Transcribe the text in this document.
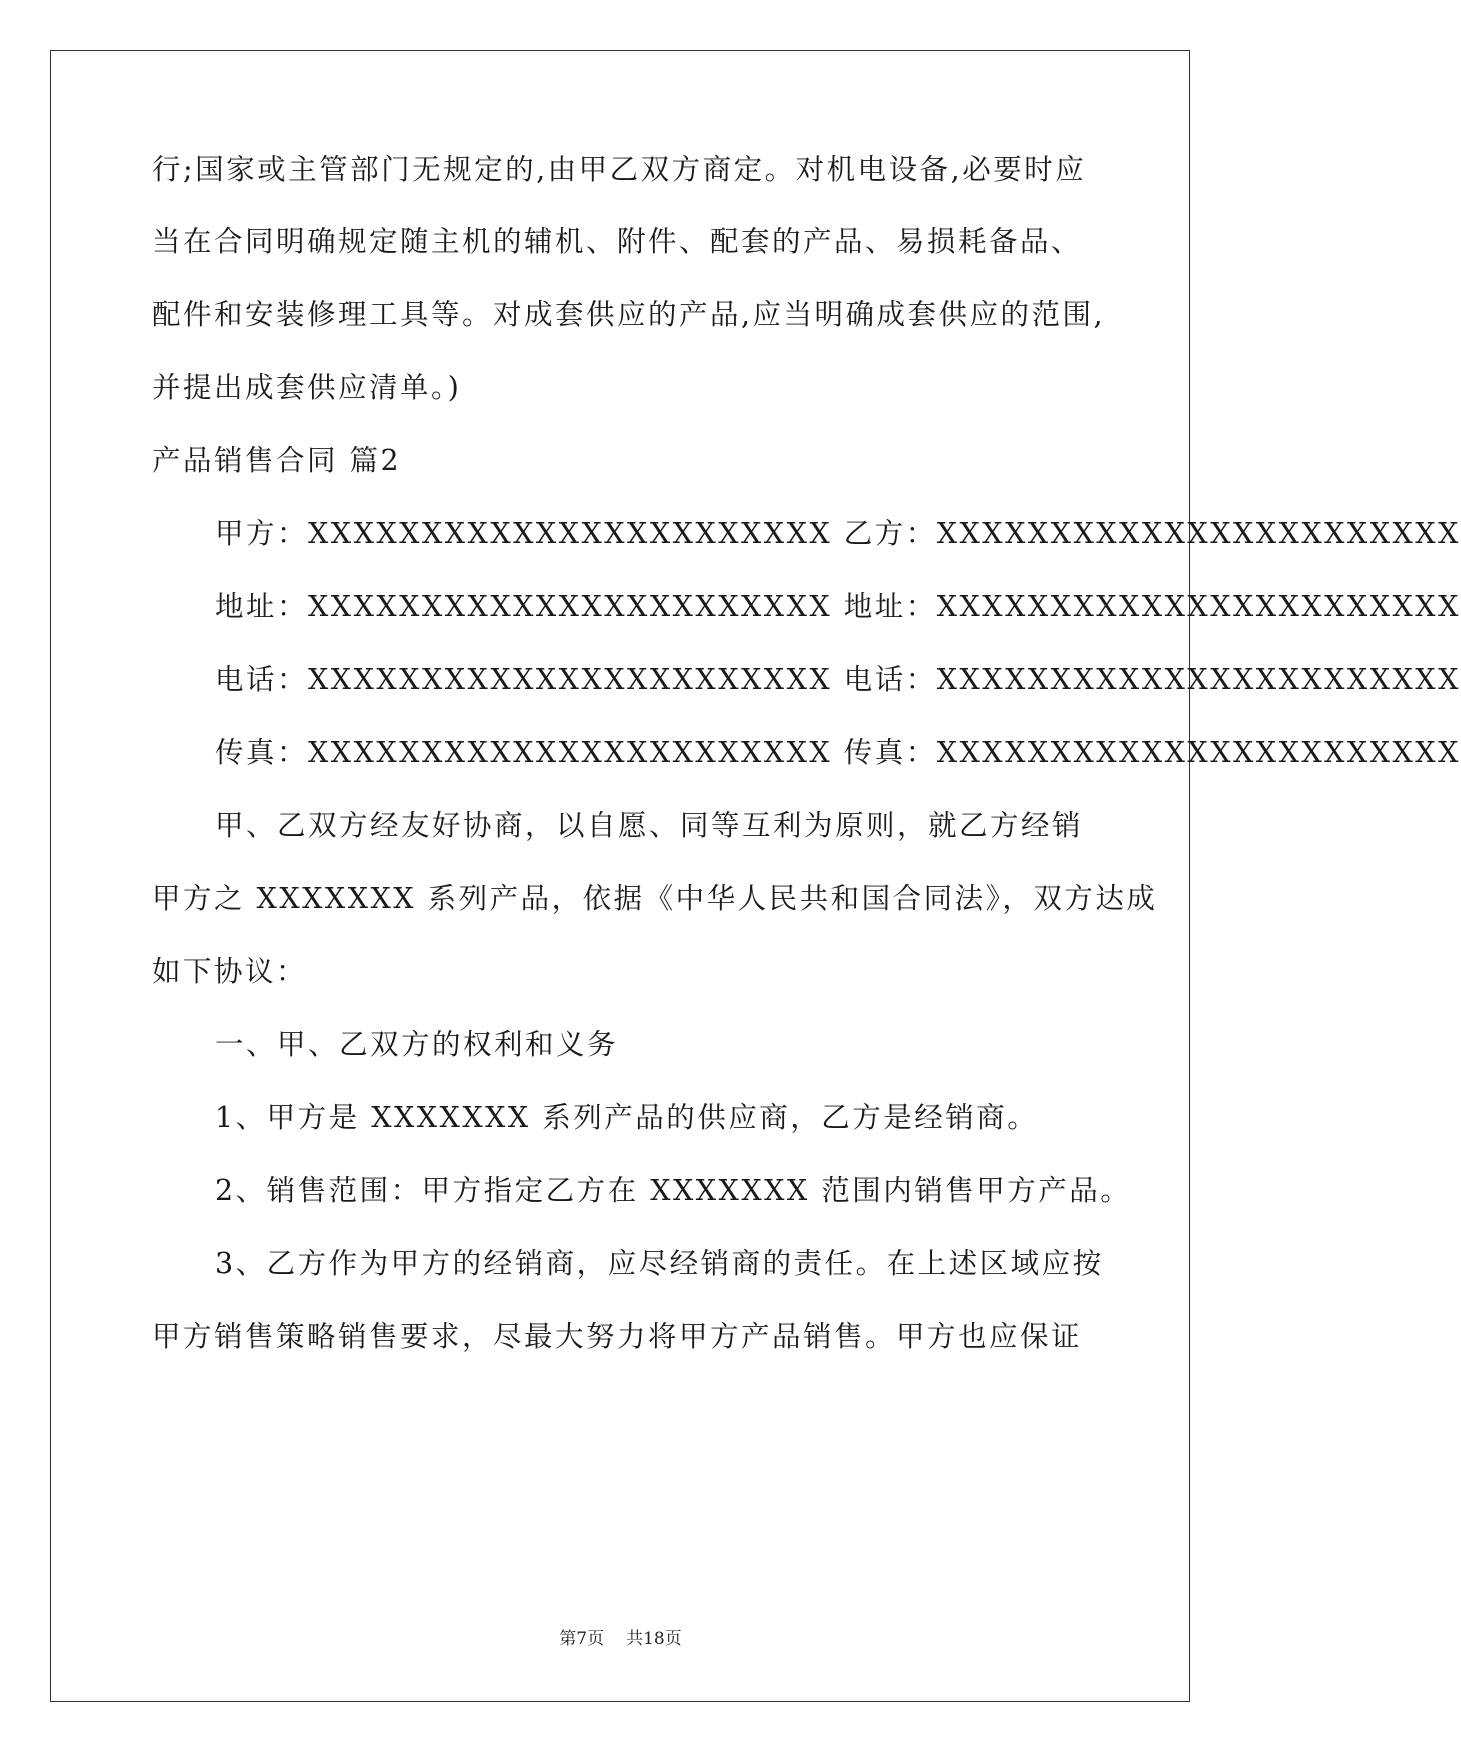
行;国家或主管部门无规定的,由甲乙双方商定。对机电设备,必要时应
当在合同明确规定随主机的辅机、附件、配套的产品、易损耗备品、
配件和安装修理工具等。对成套供应的产品,应当明确成套供应的范围,
并提出成套供应清单。)
产品销售合同 篇2
甲方：XXXXXXXXXXXXXXXXXXXXXXX 乙方：XXXXXXXXXXXXXXXXXXXXXXX
地址：XXXXXXXXXXXXXXXXXXXXXXX 地址：XXXXXXXXXXXXXXXXXXXXXXX
电话：XXXXXXXXXXXXXXXXXXXXXXX 电话：XXXXXXXXXXXXXXXXXXXXXXX
传真：XXXXXXXXXXXXXXXXXXXXXXX 传真：XXXXXXXXXXXXXXXXXXXXXXX
甲、乙双方经友好协商，以自愿、同等互利为原则，就乙方经销
甲方之 XXXXXXX 系列产品，依据《中华人民共和国合同法》，双方达成
如下协议：
一、甲、乙双方的权利和义务
1、甲方是 XXXXXXX 系列产品的供应商，乙方是经销商。
2、销售范围：甲方指定乙方在 XXXXXXX 范围内销售甲方产品。
3、乙方作为甲方的经销商，应尽经销商的责任。在上述区域应按
甲方销售策略销售要求，尽最大努力将甲方产品销售。甲方也应保证
第7页 共18页
